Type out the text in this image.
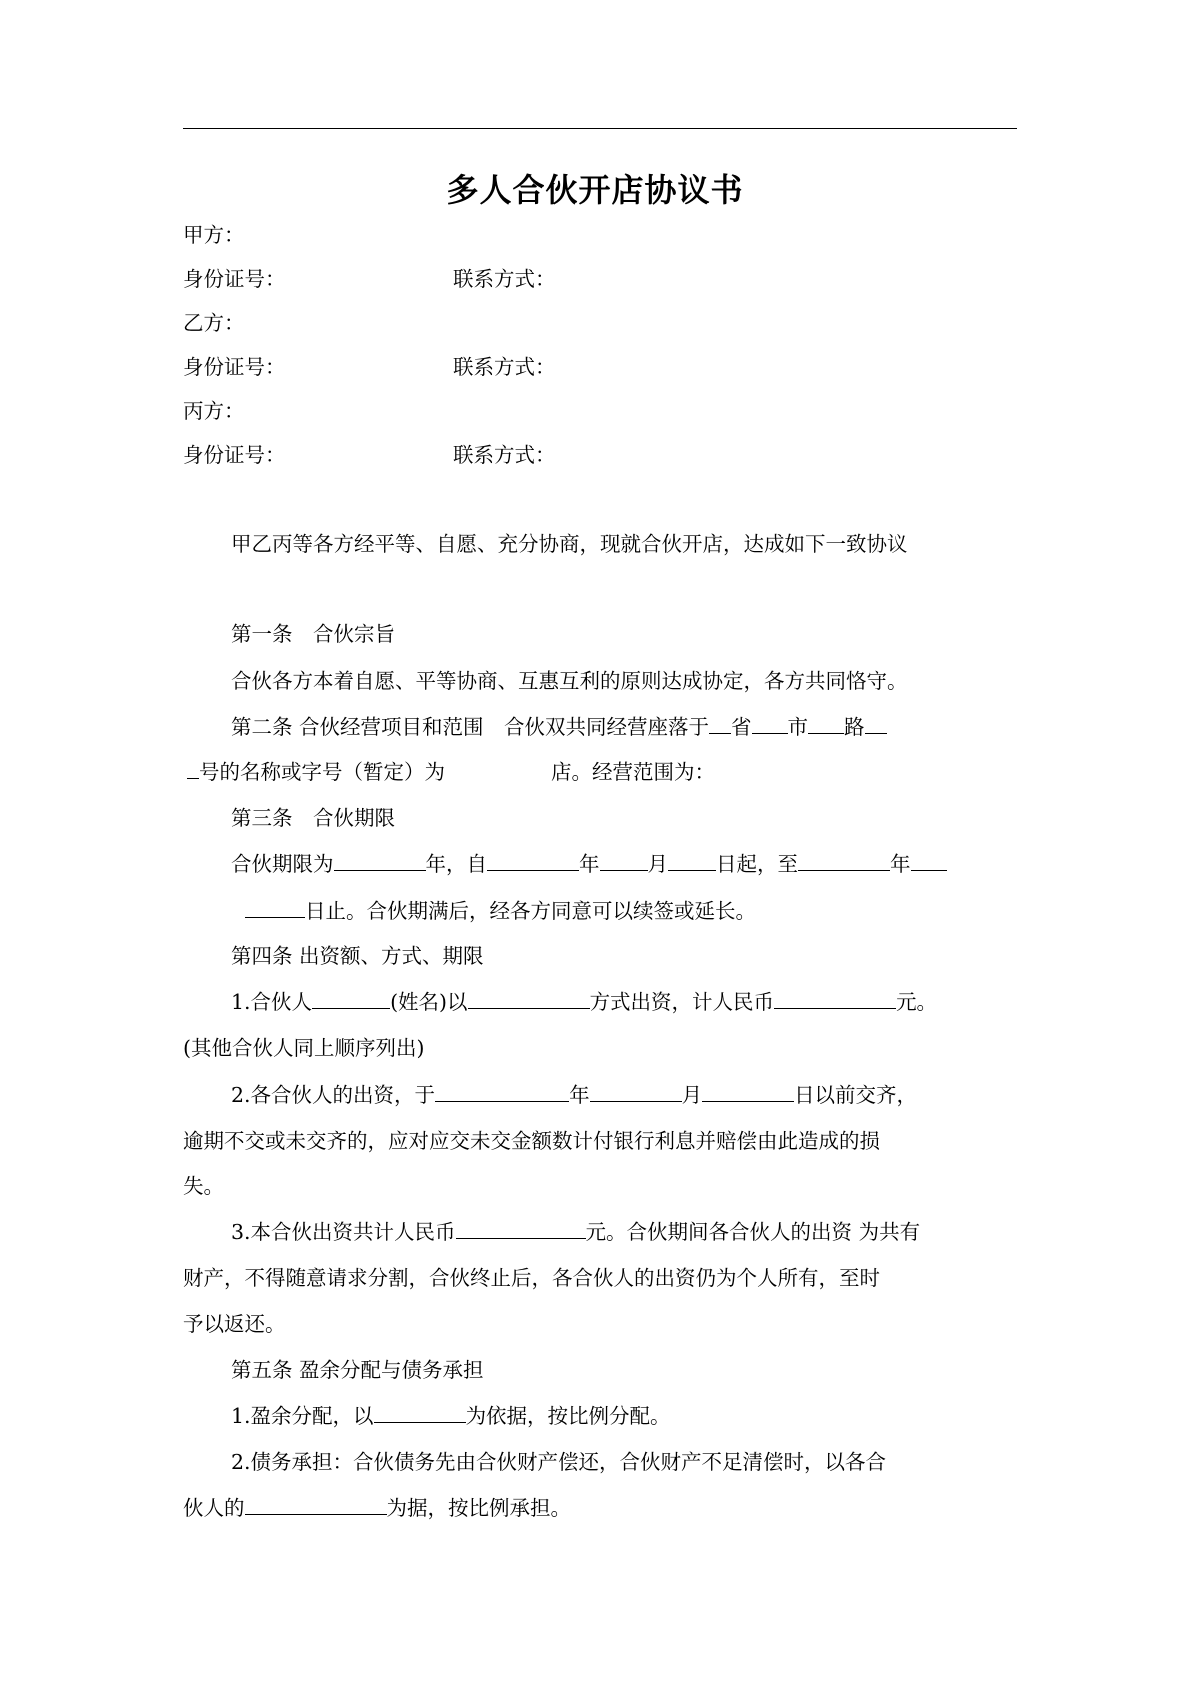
多人合伙开店协议书
甲方：
身份证号：	联系方式：
乙方：
身份证号：	联系方式：
丙方：
身份证号：	联系方式：
甲乙丙等各方经平等、自愿、充分协商，现就合伙开店，达成如下一致协议
第一条　合伙宗旨
合伙各方本着自愿、平等协商、互惠互利的原则达成协定，各方共同恪守。
第二条 合伙经营项目和范围　合伙双共同经营座落于 省 市 路
号的名称或字号（暂定）为	店。经营范围为：
第三条　合伙期限
合伙期限为	年，自	年 月 日起，至	年
日止。合伙期满后，经各方同意可以续签或延长。
第四条 出资额、方式、期限
1.合伙人	(姓名)以	方式出资，计人民币	元。
(其他合伙人同上顺序列出)
2.各合伙人的出资，于	年	月	日以前交齐，
逾期不交或未交齐的，应对应交未交金额数计付银行利息并赔偿由此造成的损
失。
3.本合伙出资共计人民币	元。合伙期间各合伙人的出资 为共有
财产，不得随意请求分割，合伙终止后，各合伙人的出资仍为个人所有，至时
予以返还。
第五条 盈余分配与债务承担
1.盈余分配，以	为依据，按比例分配。
2.债务承担：合伙债务先由合伙财产偿还，合伙财产不足清偿时，以各合
伙人的	为据，按比例承担。
